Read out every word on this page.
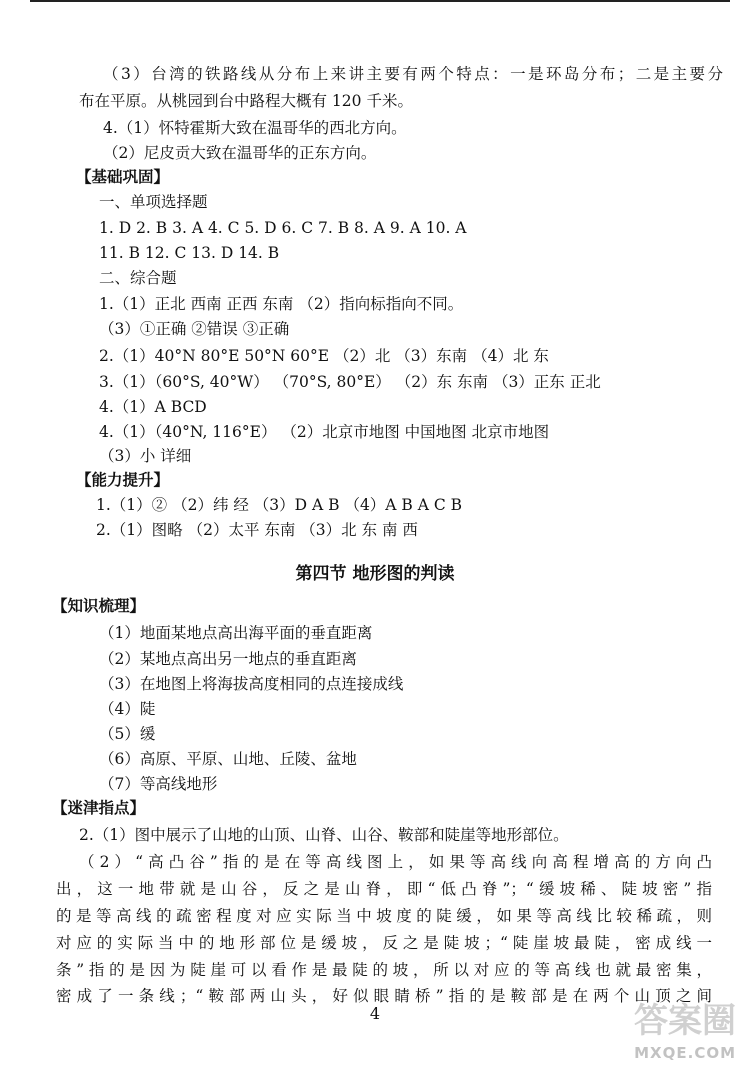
（3）台湾的铁路线从分布上来讲主要有两个特点：一是环岛分布；二是主要分
布在平原。从桃园到台中路程大概有 120 千米。
4.（1）怀特霍斯大致在温哥华的西北方向。
（2）尼皮贡大致在温哥华的正东方向。
【基础巩固】
一、单项选择题
1. D 2. B 3. A 4. C 5. D 6. C 7. B 8. A 9. A 10. A
11. B 12. C 13. D 14. B
二、综合题
1.（1）正北 西南 正西 东南 （2）指向标指向不同。
（3）①正确 ②错误 ③正确
2.（1）40°N 80°E 50°N 60°E （2）北 （3）东南 （4）北 东
3.（1）（60°S, 40°W） （70°S, 80°E） （2）东 东南 （3）正东 正北
4.（1）A BCD
4.（1）（40°N, 116°E） （2）北京市地图 中国地图 北京市地图
（3）小 详细
【能力提升】
1.（1）② （2）纬 经 （3）D A B （4）A B A C B
2.（1）图略 （2）太平 东南 （3）北 东 南 西
第四节 地形图的判读
【知识梳理】
（1）地面某地点高出海平面的垂直距离
（2）某地点高出另一地点的垂直距离
（3）在地图上将海拔高度相同的点连接成线
（4）陡
（5）缓
（6）高原、平原、山地、丘陵、盆地
（7）等高线地形
【迷津指点】
2.（1）图中展示了山地的山顶、山脊、山谷、鞍部和陡崖等地形部位。
（2）“高凸谷”指的是在等高线图上，如果等高线向高程增高的方向凸
出，这一地带就是山谷，反之是山脊，即“低凸脊”；“缓坡稀、陡坡密”指
的是等高线的疏密程度对应实际当中坡度的陡缓，如果等高线比较稀疏，则
对应的实际当中的地形部位是缓坡，反之是陡坡；“陡崖坡最陡，密成线一
条”指的是因为陡崖可以看作是最陡的坡，所以对应的等高线也就最密集，
密成了一条线；“鞍部两山头，好似眼睛桥”指的是鞍部是在两个山顶之间
4	答案圈
MXQE.COM
